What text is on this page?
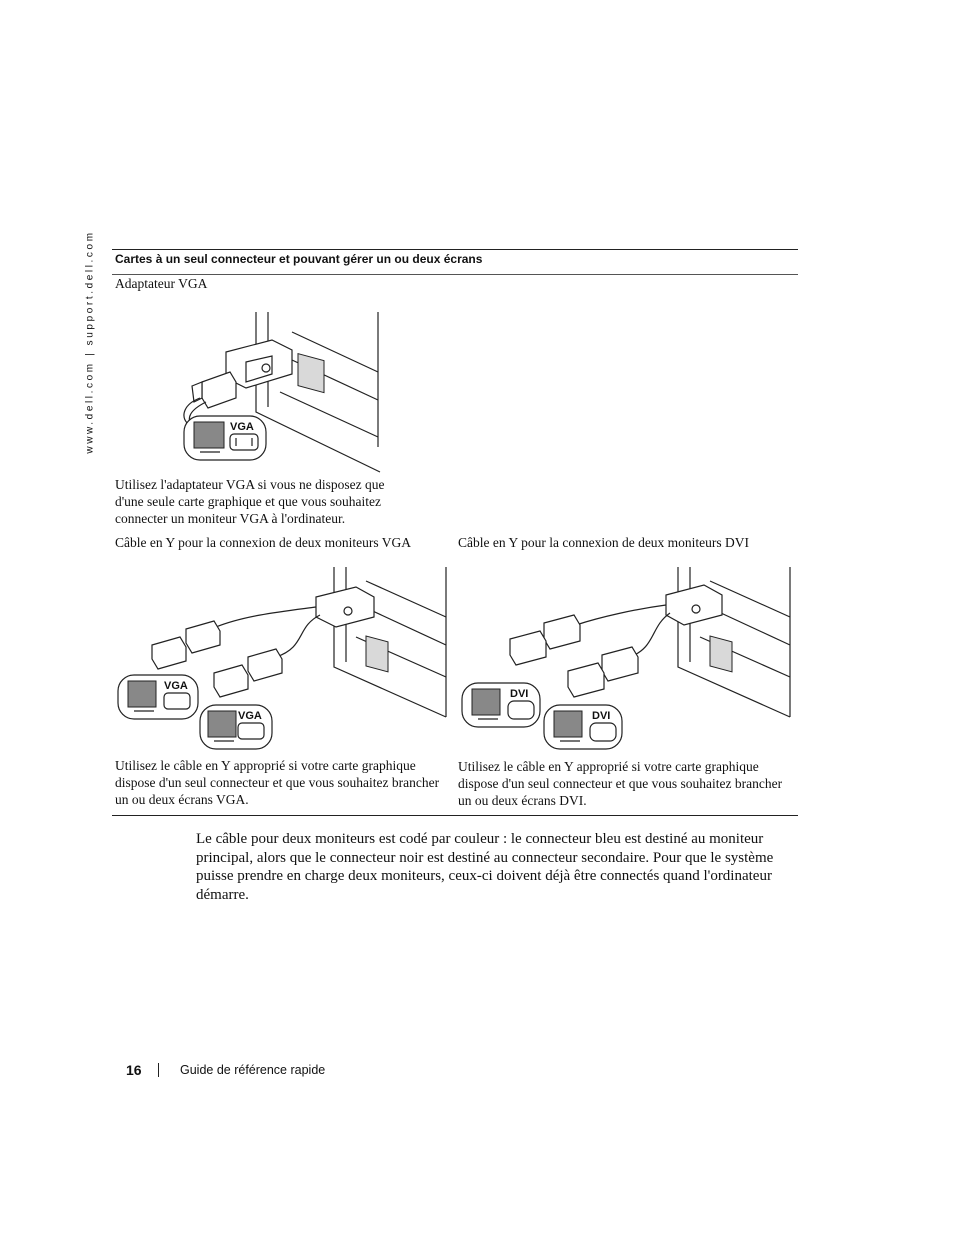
www.dell.com | support.dell.com Cartes à un seul connecteur et pouvant gérer un ou deux écrans
Adaptateur VGA
VGA
Utilisez l'adaptateur VGA si vous ne disposez que d'une seule carte graphique et que vous souhaitez connecter un moniteur VGA à l'ordinateur.
Câble en Y pour la connexion de deux moniteurs VGA
VGA
VGA
Utilisez le câble en Y approprié si votre carte graphique dispose d'un seul connecteur et que vous souhaitez brancher un ou deux écrans VGA.
Câble en Y pour la connexion de deux moniteurs DVI
DVI
DVI
Utilisez le câble en Y approprié si votre carte graphique dispose d'un seul connecteur et que vous souhaitez brancher un ou deux écrans DVI.
Le câble pour deux moniteurs est codé par couleur : le connecteur bleu est destiné au moniteur principal, alors que le connecteur noir est destiné au connecteur secondaire. Pour que le système puisse prendre en charge deux moniteurs, ceux-ci doivent déjà être connectés quand l'ordinateur démarre.
16	Guide de référence rapide
